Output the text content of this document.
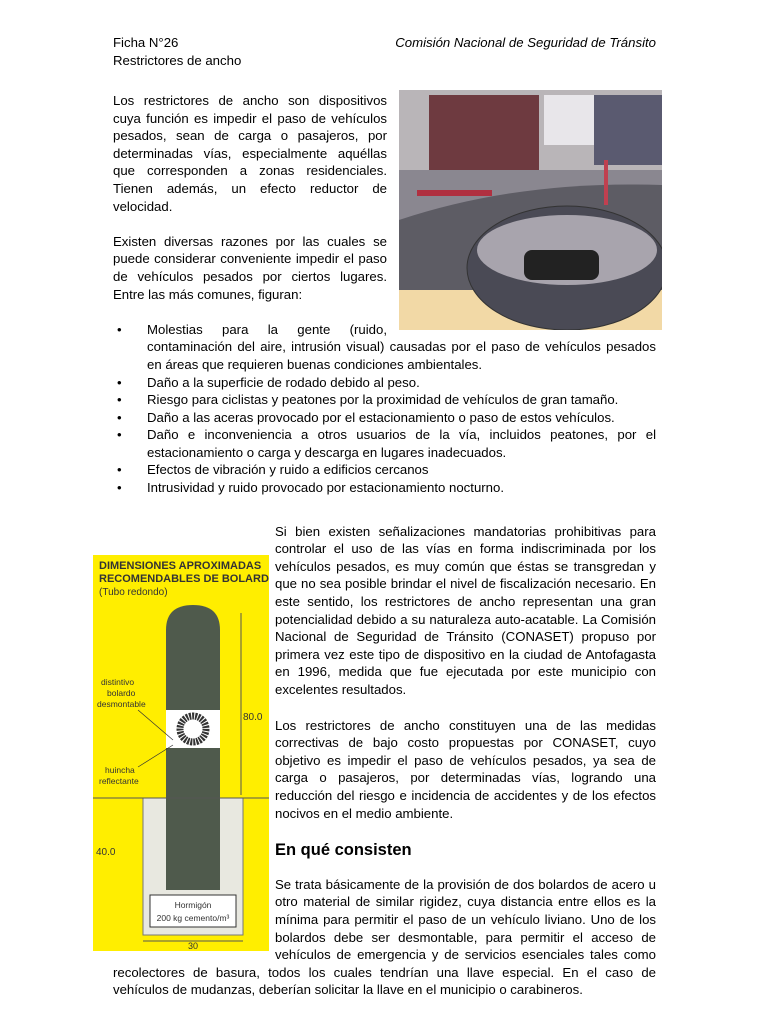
Ficha N°26
Restrictores de ancho
Comisión Nacional de Seguridad de Tránsito

Los restrictores de ancho son dispositivos cuya función es impedir el paso de vehículos pesados, sean de carga o pasajeros, por determinadas vías, especialmente aquéllas que corresponden a zonas residenciales. Tienen además, un efecto reductor de velocidad.

Existen diversas razones por las cuales se puede considerar conveniente impedir el paso de vehículos pesados por ciertos lugares. Entre las más comunes, figuran:

• Molestias para la gente (ruido, contaminación del aire, intrusión visual) causadas por el paso de vehículos pesados en áreas que requieren buenas condiciones ambientales.
• Daño a la superficie de rodado debido al peso.
• Riesgo para ciclistas y peatones por la proximidad de vehículos de gran tamaño.
• Daño a las aceras provocado por el estacionamiento o paso de estos vehículos.
• Daño e inconveniencia a otros usuarios de la vía, incluidos peatones, por el estacionamiento o carga y descarga en lugares inadecuados.
• Efectos de vibración y ruido a edificios cercanos
• Intrusividad y ruido provocado por estacionamiento nocturno.

DIMENSIONES APROXIMADAS
RECOMENDABLES DE BOLARDO
(Tubo redondo)
80.0
40.0
distintivo
bolardo
desmontable
huincha
reflectante
Hormigón
200 kg cemento/m³
30
Si bien existen señalizaciones mandatorias prohibitivas para controlar el uso de las vías en forma indiscriminada por los vehículos pesados, es muy común que éstas se transgredan y que no sea posible brindar el nivel de fiscalización necesario. En este sentido, los restrictores de ancho representan una gran potencialidad debido a su naturaleza auto-acatable. La Comisión Nacional de Seguridad de Tránsito (CONASET) propuso por primera vez este tipo de dispositivo en la ciudad de Antofagasta en 1996, medida que fue ejecutada por este municipio con excelentes resultados.

Los restrictores de ancho constituyen una de las medidas correctivas de bajo costo propuestas por CONASET, cuyo objetivo es impedir el paso de vehículos pesados, ya sea de carga o pasajeros, por determinadas vías, logrando una reducción del riesgo e incidencia de accidentes y de los efectos nocivos en el medio ambiente.

En qué consisten

Se trata básicamente de la provisión de dos bolardos de acero u otro material de similar rigidez, cuya distancia entre ellos es la mínima para permitir el paso de un vehículo liviano. Uno de los bolardos debe ser desmontable, para permitir el acceso de vehículos de emergencia y de servicios esenciales tales como recolectores de basura, todos los cuales tendrían una llave especial. En el caso de vehículos de mudanzas, deberían solicitar la llave en el municipio o carabineros.
